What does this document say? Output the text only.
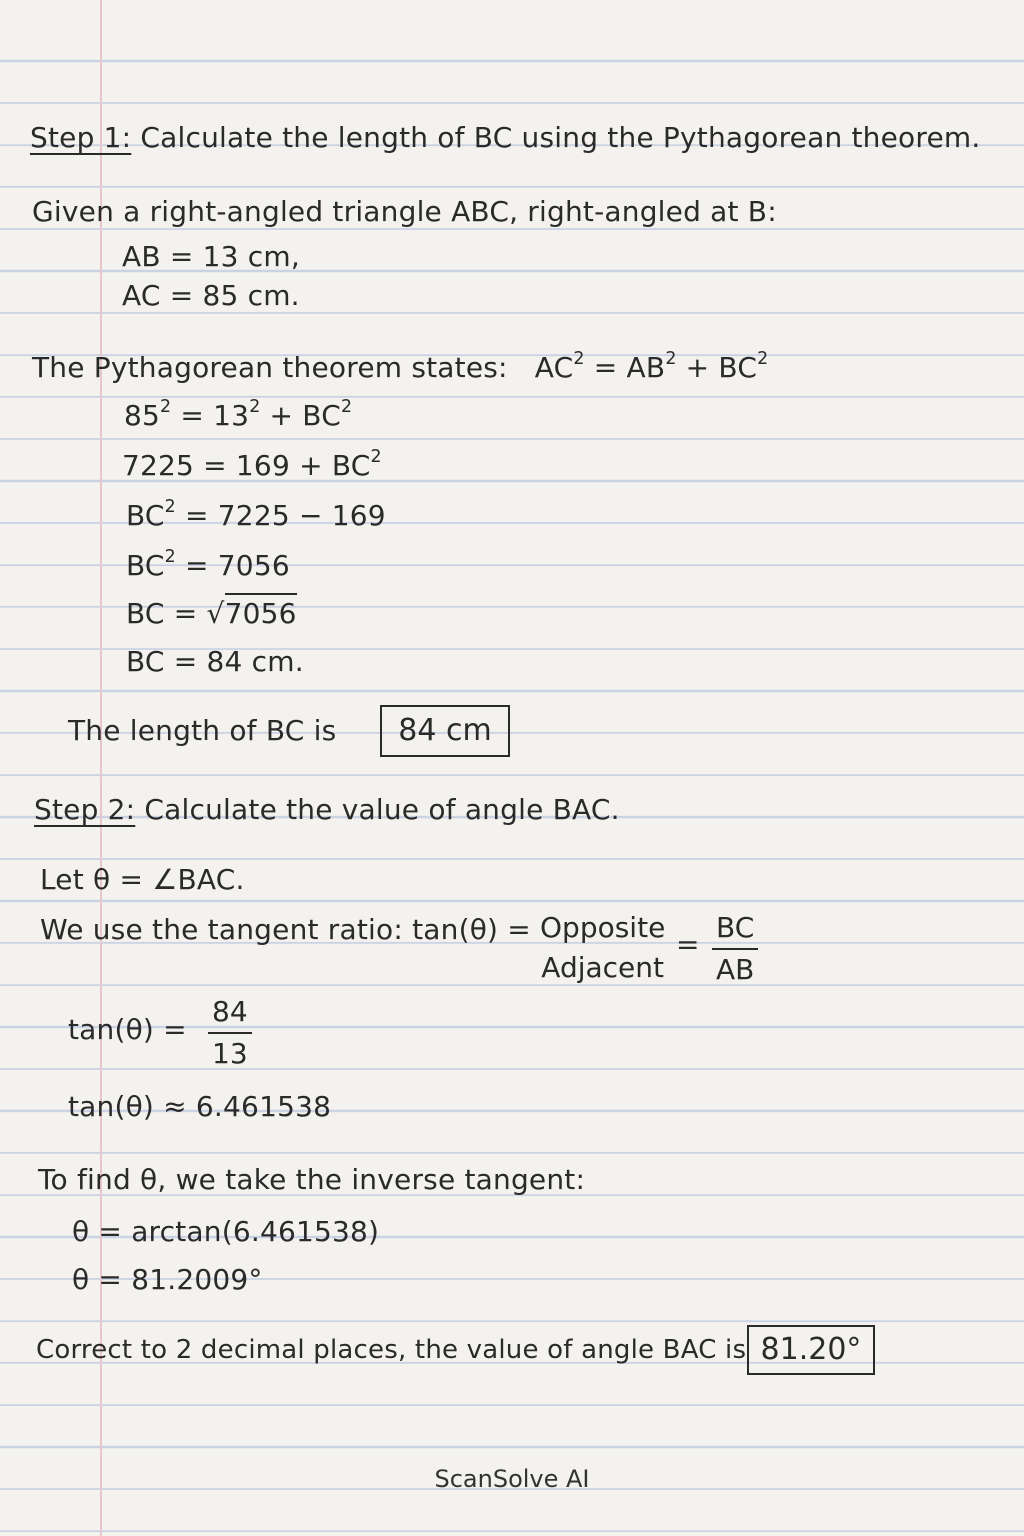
Step 1: Calculate the length of BC using the Pythagorean theorem.
Given a right-angled triangle ABC, right-angled at B:
AB = 13 cm,
AC = 85 cm.
The Pythagorean theorem states: $AC^2 = AB^2 + BC^2$
$85^2 = 13^2 + BC^2$
$7225 = 169 + BC^2$
$BC^2 = 7225 - 169$
$BC^2 = 7056$
BC = √7056
BC = 84 cm.
The length of BC is	84 cm
Step 2: Calculate the value of angle BAC.
Let θ = ∠BAC.
We use the tangent ratio: tan(θ) = Opposite
Adjacent
=
BC
AB
tan(θ) =
84
13
tan(θ) ≈ 6.461538
To find θ, we take the inverse tangent:
θ = arctan(6.461538)
θ = 81.2009°
Correct to 2 decimal places, the value of angle BAC is 81.20°
ScanSolve AI
